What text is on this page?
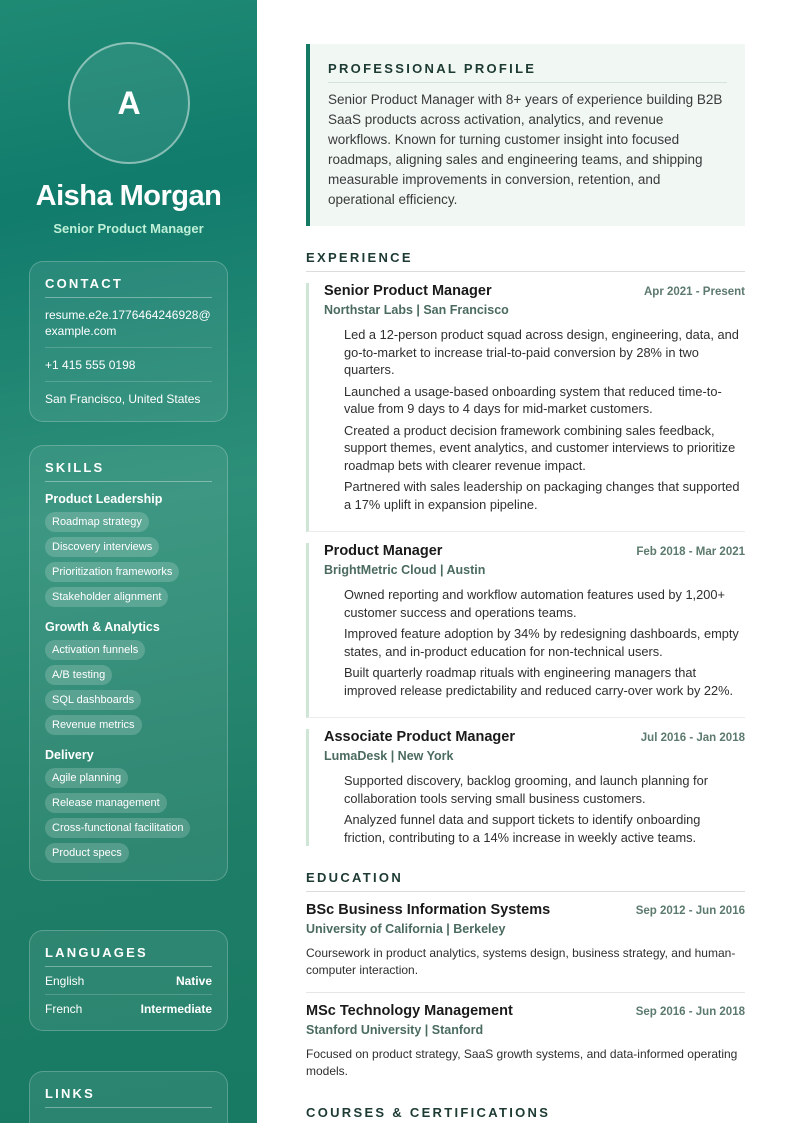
A
Aisha Morgan
Senior Product Manager
CONTACT
resume.e2e.1776464246928@example.com
+1 415 555 0198
San Francisco, United States
SKILLS
Product Leadership
Roadmap strategy
Discovery interviews
Prioritization frameworks
Stakeholder alignment
Growth & Analytics
Activation funnels
A/B testing
SQL dashboards
Revenue metrics
Delivery
Agile planning
Release management
Cross-functional facilitation
Product specs
LANGUAGES
English	Native
French	Intermediate
LINKS
PROFESSIONAL PROFILE
Senior Product Manager with 8+ years of experience building B2B SaaS products across activation, analytics, and revenue workflows. Known for turning customer insight into focused roadmaps, aligning sales and engineering teams, and shipping measurable improvements in conversion, retention, and operational efficiency.
EXPERIENCE
Senior Product Manager	Apr 2021 - Present
Northstar Labs | San Francisco
Led a 12-person product squad across design, engineering, data, and go-to-market to increase trial-to-paid conversion by 28% in two quarters.
Launched a usage-based onboarding system that reduced time-to-value from 9 days to 4 days for mid-market customers.
Created a product decision framework combining sales feedback, support themes, event analytics, and customer interviews to prioritize roadmap bets with clearer revenue impact.
Partnered with sales leadership on packaging changes that supported a 17% uplift in expansion pipeline.
Product Manager	Feb 2018 - Mar 2021
BrightMetric Cloud | Austin
Owned reporting and workflow automation features used by 1,200+ customer success and operations teams.
Improved feature adoption by 34% by redesigning dashboards, empty states, and in-product education for non-technical users.
Built quarterly roadmap rituals with engineering managers that improved release predictability and reduced carry-over work by 22%.
Associate Product Manager	Jul 2016 - Jan 2018
LumaDesk | New York
Supported discovery, backlog grooming, and launch planning for collaboration tools serving small business customers.
Analyzed funnel data and support tickets to identify onboarding friction, contributing to a 14% increase in weekly active teams.
EDUCATION
BSc Business Information Systems	Sep 2012 - Jun 2016
University of California | Berkeley
Coursework in product analytics, systems design, business strategy, and human-computer interaction.
MSc Technology Management	Sep 2016 - Jun 2018
Stanford University | Stanford
Focused on product strategy, SaaS growth systems, and data-informed operating models.
COURSES & CERTIFICATIONS
